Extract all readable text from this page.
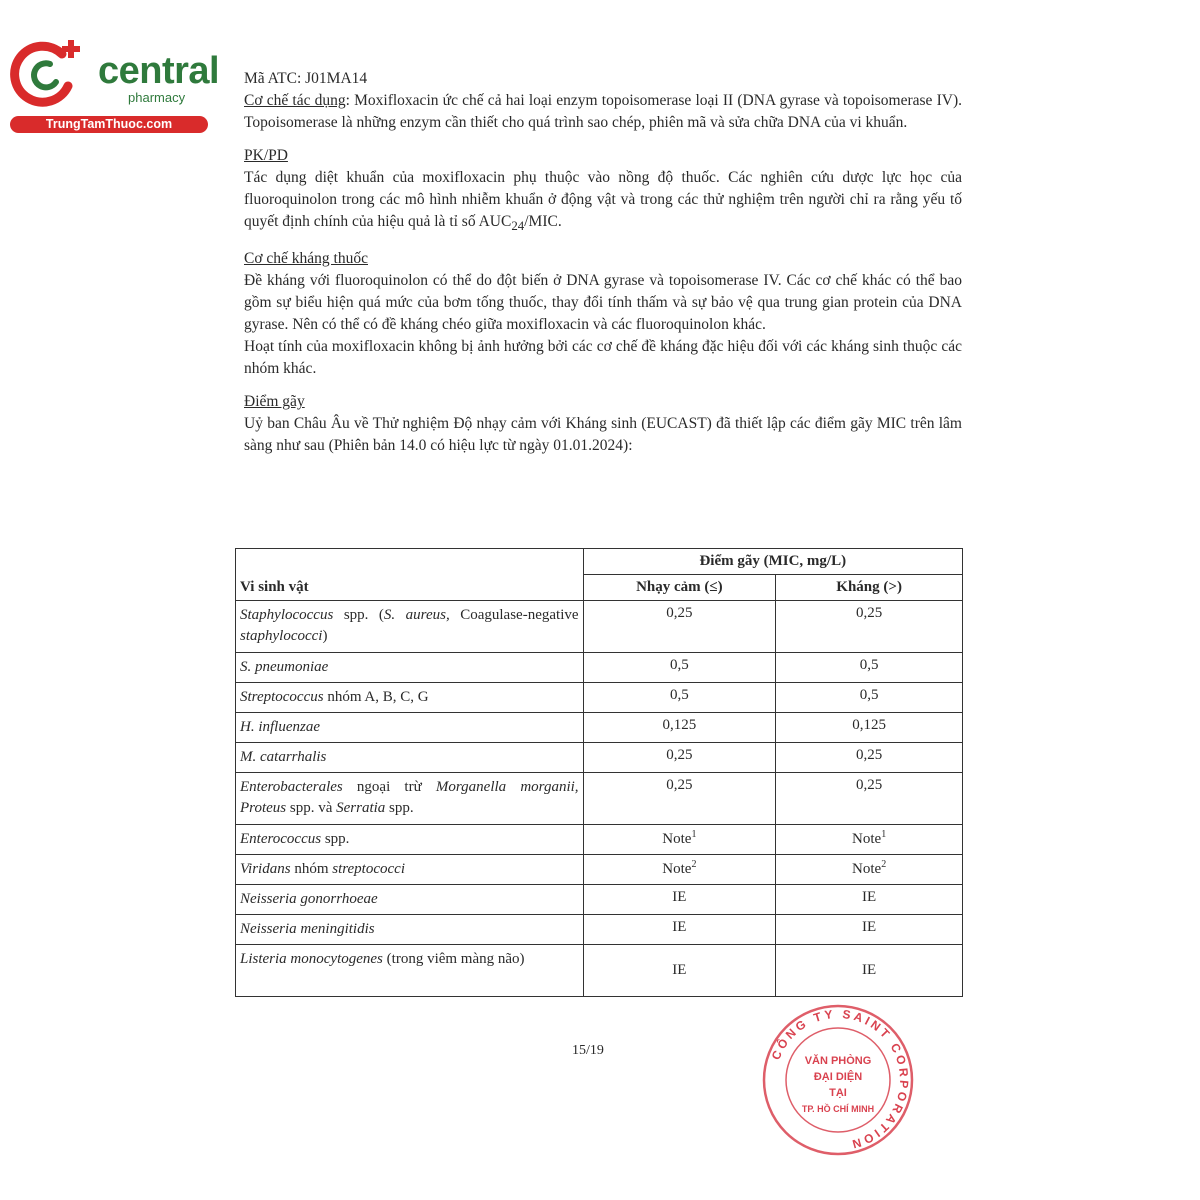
central
pharmacy
TrungTamThuoc.com

Mã ATC: J01MA14

Cơ chế tác dụng: Moxifloxacin ức chế cả hai loại enzym topoisomerase loại II (DNA gyrase và topoisomerase IV). Topoisomerase là những enzym cần thiết cho quá trình sao chép, phiên mã và sửa chữa DNA của vi khuẩn.

PK/PD

Tác dụng diệt khuẩn của moxifloxacin phụ thuộc vào nồng độ thuốc. Các nghiên cứu dược lực học của fluoroquinolon trong các mô hình nhiễm khuẩn ở động vật và trong các thử nghiệm trên người chỉ ra rằng yếu tố quyết định chính của hiệu quả là tỉ số $AUC_{24}$/MIC.

Cơ chế kháng thuốc

Đề kháng với fluoroquinolon có thể do đột biến ở DNA gyrase và topoisomerase IV. Các cơ chế khác có thể bao gồm sự biểu hiện quá mức của bơm tống thuốc, thay đổi tính thấm và sự bảo vệ qua trung gian protein của DNA gyrase. Nên có thể có đề kháng chéo giữa moxifloxacin và các fluoroquinolon khác.

Hoạt tính của moxifloxacin không bị ảnh hưởng bởi các cơ chế đề kháng đặc hiệu đối với các kháng sinh thuộc các nhóm khác.

Điểm gãy

Uỷ ban Châu Âu về Thử nghiệm Độ nhạy cảm với Kháng sinh (EUCAST) đã thiết lập các điểm gãy MIC trên lâm sàng như sau (Phiên bản 14.0 có hiệu lực từ ngày 01.01.2024):

Vi sinh vật	Điểm gãy (MIC, mg/L)	
	Nhạy cảm (≤)	Kháng (>)
Staphylococcus spp. (S. aureus, Coagulase-negative staphylococci)	0,25	0,25
S. pneumoniae	0,5	0,5
Streptococcus nhóm A, B, C, G	0,5	0,5
H. influenzae	0,125	0,125
M. catarrhalis	0,25	0,25
Enterobacterales ngoại trừ Morganella morganii, Proteus spp. và Serratia spp.	0,25	0,25
Enterococcus spp.	Note$^1$	Note$^1$
Viridans nhóm streptococci	Note$^2$	Note$^2$
Neisseria gonorrhoeae	IE	IE
Neisseria meningitidis	IE	IE
Listeria monocytogenes (trong viêm màng não)	IE	IE
15/19	CÔNG TY SAINT CORPORATION
VĂN PHÒNG
ĐẠI DIỆN
TẠI
TP. HỒ CHÍ MINH
